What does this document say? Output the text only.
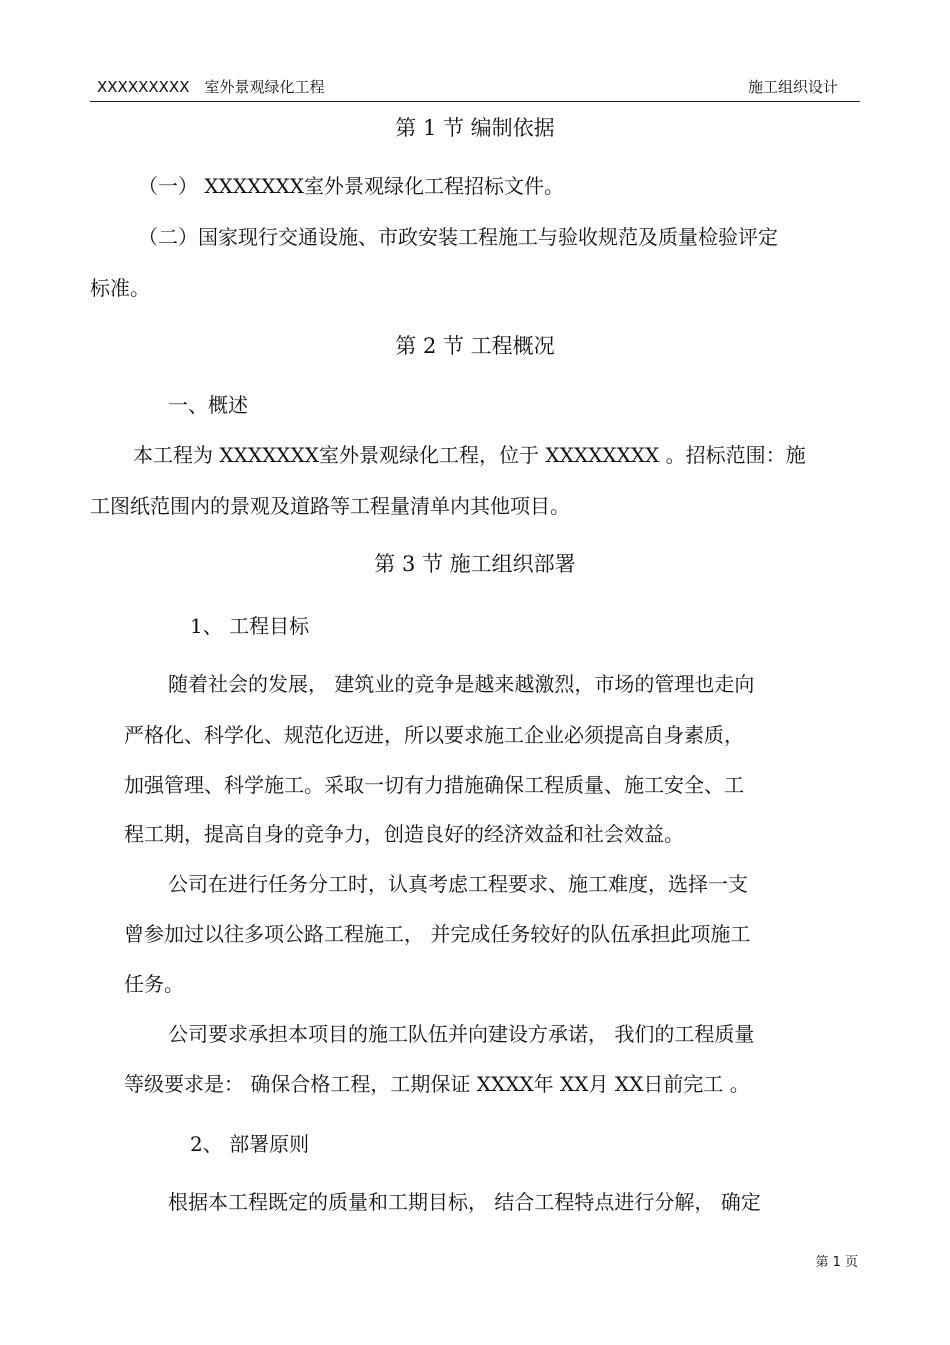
XXXXXXXXX　室外景观绿化工程	施工组织设计
第 1 节 编制依据
（一） XXXXXXX室外景观绿化工程招标文件。
（二）国家现行交通设施、市政安装工程施工与验收规范及质量检验评定
标准。
第 2 节 工程概况
一、概述
本工程为 XXXXXXX室外景观绿化工程，位于 XXXXXXXX 。招标范围：施
工图纸范围内的景观及道路等工程量清单内其他项目。
第 3 节 施工组织部署
1、 工程目标
随着社会的发展， 建筑业的竞争是越来越激烈，市场的管理也走向
严格化、科学化、规范化迈进，所以要求施工企业必须提高自身素质，
加强管理、科学施工。采取一切有力措施确保工程质量、施工安全、工
程工期，提高自身的竞争力，创造良好的经济效益和社会效益。
公司在进行任务分工时，认真考虑工程要求、施工难度，选择一支
曾参加过以往多项公路工程施工， 并完成任务较好的队伍承担此项施工
任务。
公司要求承担本项目的施工队伍并向建设方承诺， 我们的工程质量
等级要求是： 确保合格工程，工期保证 XXXX年 XX月 XX日前完工 。
2、 部署原则
根据本工程既定的质量和工期目标， 结合工程特点进行分解， 确定
第 1 页
